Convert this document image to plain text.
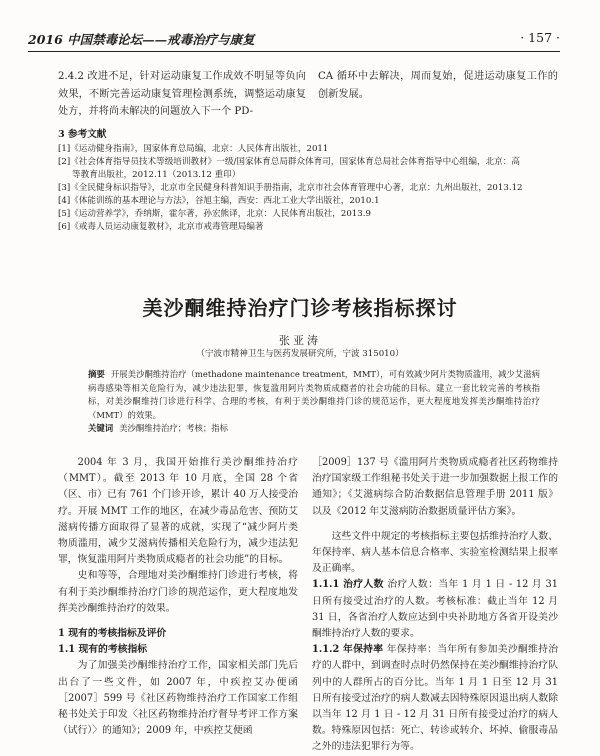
2016 中国禁毒论坛——戒毒治疗与康复	· 157 ·

2.4.2 改进不足，针对运动康复工作成效不明显等负向效果，不断完善运动康复管理检测系统，调整运动康复处方，并将尚未解决的问题放入下一个 PD-

CA 循环中去解决，周而复始，促进运动康复工作的创新发展。

3 参考文献
[1]《运动健身指南》，国家体育总局编，北京：人民体育出版社，2011
[2]《社会体育指导员技术等级培训教材》一级/国家体育总局群众体育司，国家体育总局社会体育指导中心组编，北京：高
等教育出版社，2012.11（2013.12 重印）
[3]《全民健身标识指导》，北京市全民健身科普知识手册指南，北京市社会体育管理中心著，北京：九州出版社，2013.12
[4]《体能训练的基本理论与方法》，谷旭主编，西安：西北工业大学出版社，2010.1
[5]《运动营养学》，乔纳斯，霍尔著，孙宏熊译，北京：人民体育出版社，2013.9
[6]《戒毒人员运动康复教材》，北京市戒毒管理局编著
美沙酮维持治疗门诊考核指标探讨
张亚涛
（宁波市精神卫生与医药发展研究所，宁波 315010）

摘要 开展美沙酮维持治疗（methadone maintenance treatment，MMT），可有效减少阿片类物质滥用，减少艾滋病病毒感染等相关危险行为，减少违法犯罪，恢复滥用阿片类物质成瘾者的社会功能的目标。建立一套比较完善的考核指标，对美沙酮维持门诊进行科学、合理的考核，有利于美沙酮维持门诊的规范运作，更大程度地发挥美沙酮维持治疗（MMT）的效果。

关键词 美沙酮维持治疗；考核；指标

2004 年 3 月，我国开始推行美沙酮维持治疗（MMT）。截至 2013 年 10 月底，全国 28 个省（区、市）已有 761 个门诊开诊，累计 40 万人接受治疗。开展 MMT 工作的地区，在减少毒品危害、预防艾滋病传播方面取得了显著的成就，实现了“减少阿片类物质滥用，减少艾滋病传播相关危险行为，减少违法犯罪，恢复滥用阿片类物质成瘾者的社会功能”的目标。

史和等等，合理地对美沙酮维持门诊进行考核，将有利于美沙酮维持治疗门诊的规范运作，更大程度地发挥美沙酮维持治疗的效果。

1 现有的考核指标及评价

1.1 现有的考核指标

为了加强美沙酮维持治疗工作，国家相关部门先后出台了一些文件，如 2007 年，中疾控艾办便函［2007］599 号《社区药物维持治疗工作国家工作组秘书处关于印发〈社区药物维持治疗督导考评工作方案（试行）〉的通知》；2009 年，中疾控艾便函

［2009］137 号《滥用阿片类物质成瘾者社区药物维持治疗国家级工作组秘书处关于进一步加强数据上报工作的通知》；《艾滋病综合防治数据信息管理手册 2011 版》以及《2012 年艾滋病防治数据质量评估方案》。

这些文件中规定的考核指标主要包括维持治疗人数、年保持率、病人基本信息合格率、实验室检测结果上报率及正确率。

1.1.1 治疗人数 治疗人数：当年 1 月 1 日 - 12 月 31 日所有接受过治疗的人数。考核标准：截止当年 12 月 31 日，各省治疗人数应达到中央补助地方各省开设美沙酮维持治疗人数的要求。

1.1.2 年保持率 年保持率：当年所有参加美沙酮维持治疗的人群中，到调查时点时仍然保持在美沙酮维持治疗队列中的人群所占的百分比。当年 1 月 1 日至 12 月 31 日所有接受过治疗的病人数减去因特殊原因退出病人数除以当年 12 月 1 日 - 12 月 31 日所有接受过治疗的病人数。特殊原因包括：死亡、转诊或转介、坏掉、偷服毒品之外的违法犯罪行为等。
